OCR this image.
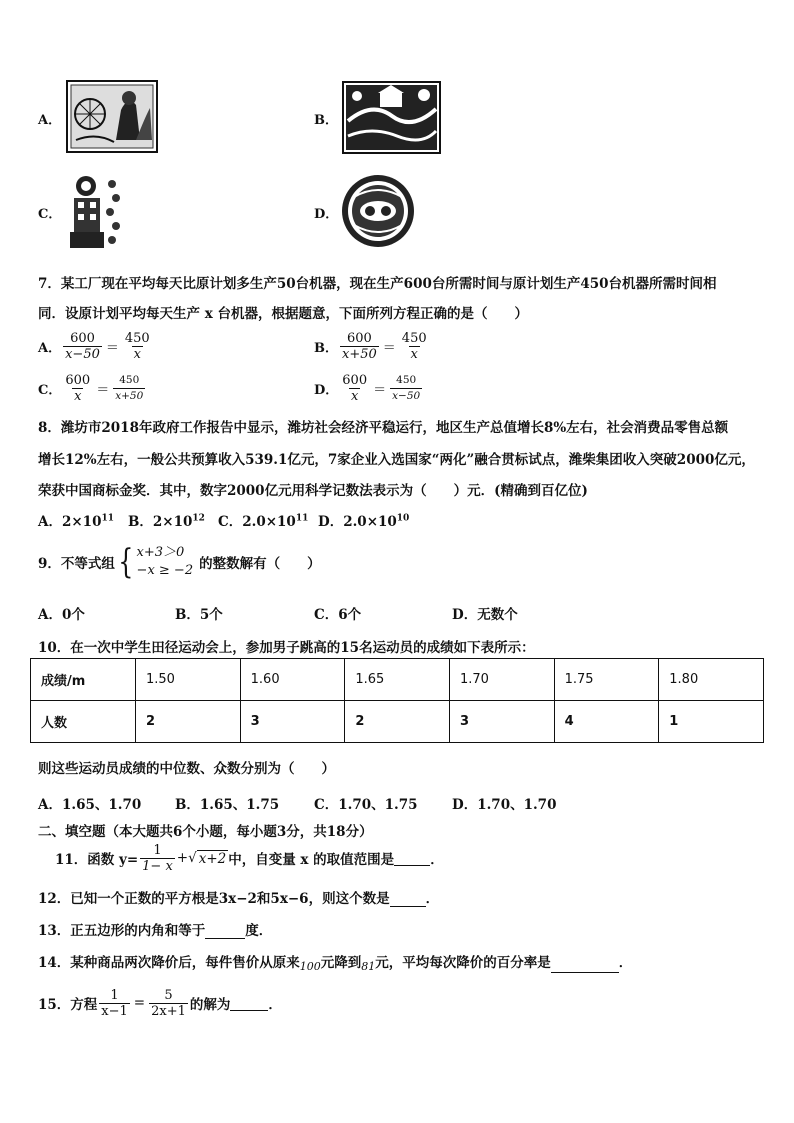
A．	B．
C．	D．
7．某工厂现在平均每天比原计划多生产50台机器，现在生产600台所需时间与原计划生产450台机器所需时间相
同．设原计划平均每天生产 x 台机器，根据题意，下面所列方程正确的是（　　）
A． $\frac{600}{x-50} = \frac{450}{x}$	B． $\frac{600}{x+50} = \frac{450}{x}$
C． $\frac{600}{x} = \frac{450}{x+50}$	D． $\frac{600}{x} = \frac{450}{x-50}$
8．潍坊市2018年政府工作报告中显示，潍坊社会经济平稳运行，地区生产总值增长8%左右，社会消费品零售总额
增长12%左右，一般公共预算收入539.1亿元，7家企业入选国家“两化”融合贯标试点，潍柴集团收入突破2000亿元，
荣获中国商标金奖．其中，数字2000亿元用科学记数法表示为（　　）元．(精确到百亿位)
A．$2\times 10^{11}$ B．$2\times 10^{12}$ C．$2.0\times 10^{11}$ D．$2.0\times 10^{10}$
9．不等式组 { x+3＞0
−x ≥ −2 的整数解有（　　）
A．0个	B．5个	C．6个	D．无数个
10．在一次中学生田径运动会上，参加男子跳高的15名运动员的成绩如下表所示：
成绩/m	1.50	1.60	1.65	1.70	1.75	1.80
人数	2	3	2	3	4	1
则这些运动员成绩的中位数、众数分别为（　　）
A．1.65、1.70	B．1.65、1.75	C．1.70、1.75	D．1.70、1.70
二、填空题（本大题共6个小题，每小题3分，共18分）
11．函数 $y= \frac{1}{1- x}$ + √ x+2 中，自变量 x 的取值范围是	．
12．已知一个正数的平方根是3x−2和5x−6，则这个数是	．
13．正五边形的内角和等于	度．
14．某种商品两次降价后，每件售价从原来$_{100}$元降到$_{81}$元，平均每次降价的百分率是	．
15．方程 $\frac{1}{x-1} = \frac{5}{2x+1}$ 的解为	．
